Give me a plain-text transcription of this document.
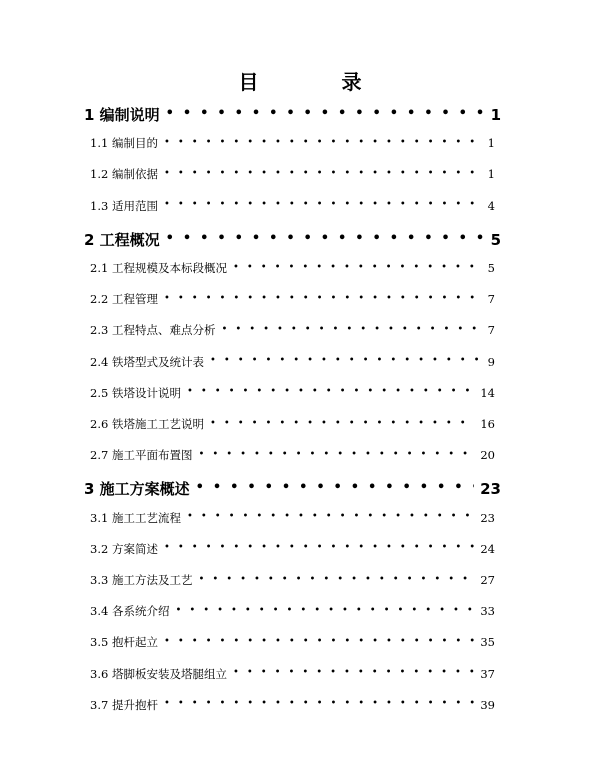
目 录
1 编制说明 • • •	1
1.1 编制目的 • • •	1
1.2 编制依据 • • •	1
1.3 适用范围 • • •	4
2 工程概况 • • •	5
2.1 工程规模及本标段概况 • • •	5
2.2 工程管理 • • •	7
2.3 工程特点、难点分析 • • •	7
2.4 铁塔型式及统计表 • • •	9
2.5 铁塔设计说明 • • •	14
2.6 铁塔施工工艺说明 • • •	16
2.7 施工平面布置图 • • •	20
3 施工方案概述 • • •	23
3.1 施工工艺流程 • • •	23
3.2 方案简述 • • •	24
3.3 施工方法及工艺 • • •	27
3.4 各系统介绍 • • •	33
3.5 抱杆起立 • • •	35
3.6 塔脚板安装及塔腿组立 • • •	37
3.7 提升抱杆 • • •	39
